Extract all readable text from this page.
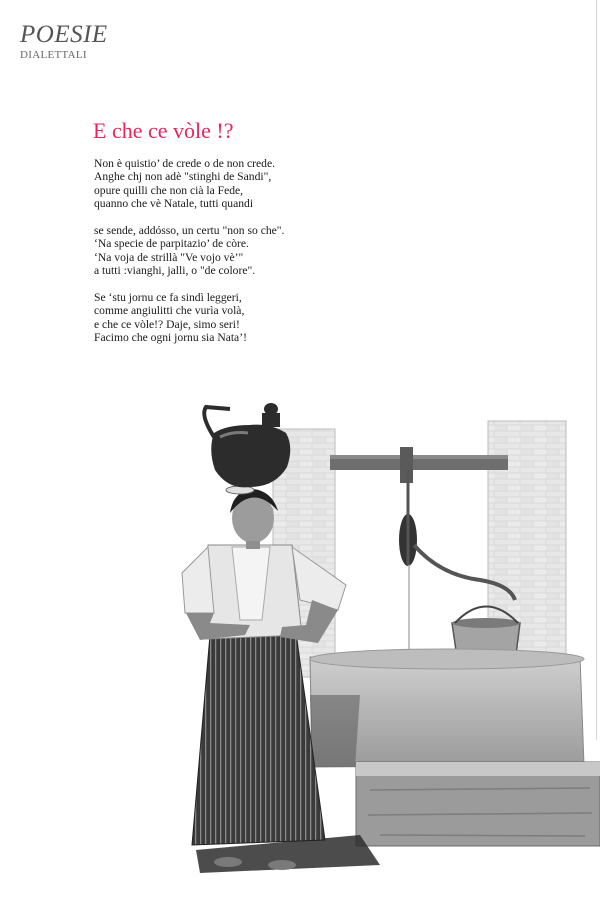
POESIE
DIALETTALI
E che ce vòle !?
Non è quistio’ de crede o de non crede.
Anghe chj non adè "stinghi de Sandi",
opure quilli che non cià la Fede,
quanno che vè Natale, tutti quandi
se sende, addósso, un certu "non so che".
‘Na specie de parpitazio’ de còre.
‘Na voja de strillà "Ve vojo vè’"
a tutti :vianghi, jalli, o "de colore".
Se ‘stu jornu ce fa sindì leggeri,
comme angiulitti che vurìa volà,
e che ce vòle!? Daje, simo seri!
Facimo che ogni jornu sia Nata’!
